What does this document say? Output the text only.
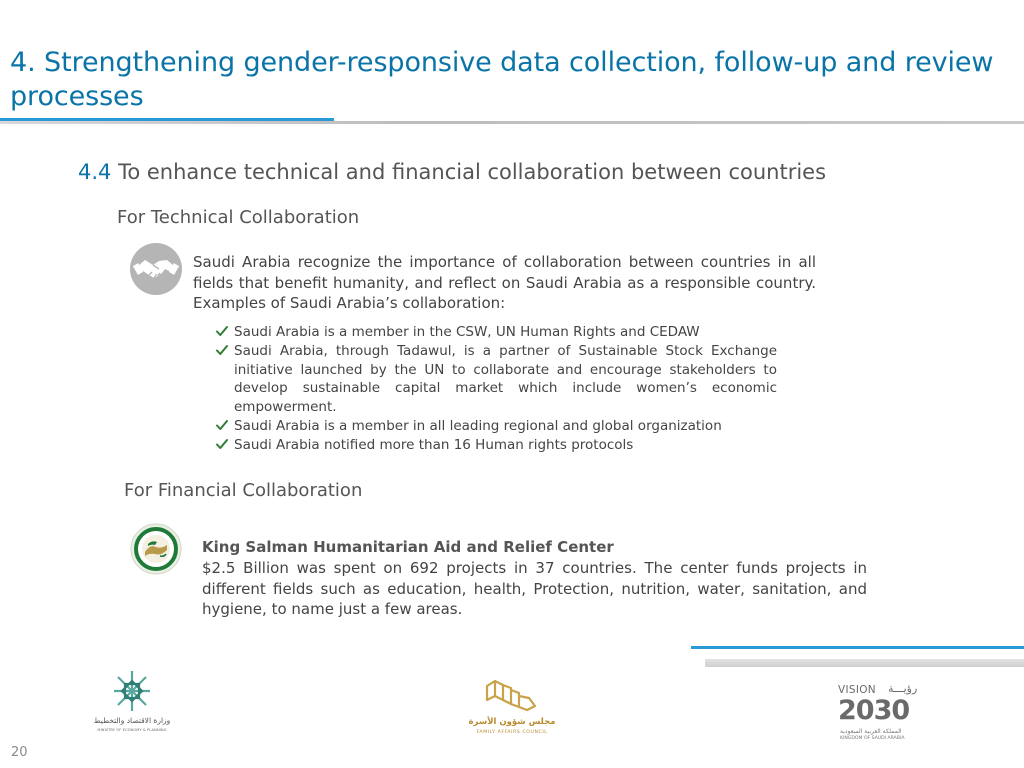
4. Strengthening gender-responsive data collection, follow-up and review processes
4.4 To enhance technical and financial collaboration between countries
For Technical Collaboration

Saudi Arabia recognize the importance of collaboration between countries in all fields that benefit humanity, and reflect on Saudi Arabia as a responsible country. Examples of Saudi Arabia’s collaboration:

Saudi Arabia is a member in the CSW, UN Human Rights and CEDAW
Saudi Arabia, through Tadawul, is a partner of Sustainable Stock Exchange initiative launched by the UN to collaborate and encourage stakeholders to develop sustainable capital market which include women’s economic empowerment.
Saudi Arabia is a member in all leading regional and global organization
Saudi Arabia notified more than 16 Human rights protocols
For Financial Collaboration
King Salman Humanitarian Aid and Relief Center

$2.5 Billion was spent on 692 projects in 37 countries. The center funds projects in different fields such as education, health, Protection, nutrition, water, sanitation, and hygiene, to name just a few areas.

وزارة الاقتصاد والتخطيط
MINISTRY OF ECONOMY & PLANNING
مجلس شؤون الأسرة
FAMILY AFFAIRS COUNCIL
VISION رؤيـــة
2030
المملكة العربية السعودية
KINGDOM OF SAUDI ARABIA
20
